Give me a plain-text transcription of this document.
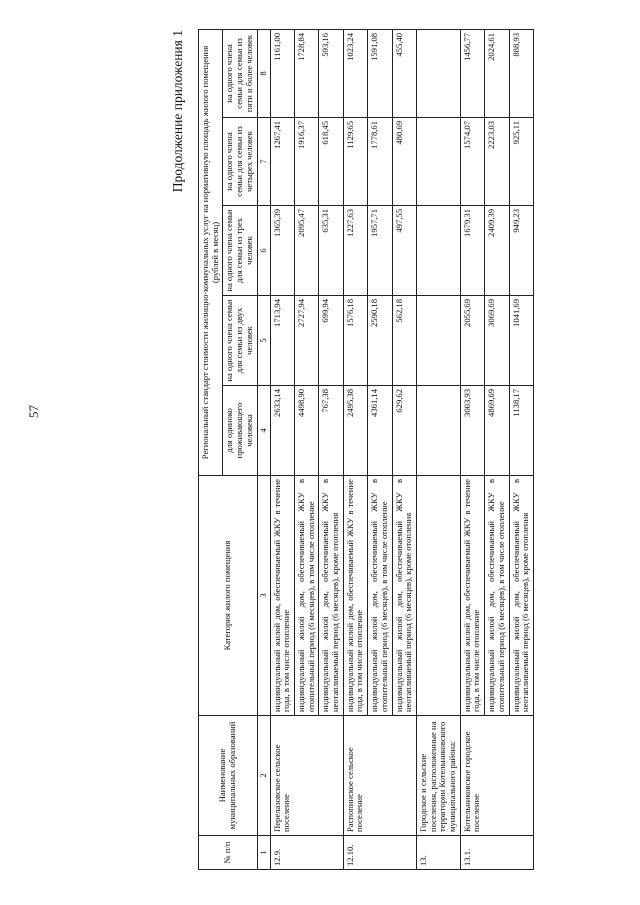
57
Продолжение приложения 1
№ п/п	Наименование муниципальных образований	Категория жилого помещения	Региональный стандарт стоимости жилищно-коммунальных услуг на нормативную площадь жилого помещения (рублей в месяц)				
			для одиноко проживающего человека	на одного члена семьи для семьи из двух человек	на одного члена семьи для семьи из трех человек	на одного члена семьи для семьи из четырех человек	на одного члена семьи для семьи из пяти и более человек
1	2	3	4	5	6	7	8
12.9.	Перелазовское сельское поселение	индивидуальный жилой дом, обеспечиваемый ЖКУ в течение года, в том числе отопление	2633,14	1713,94	1365,39	1267,41	1161,00
		индивидуальный жилой дом, обеспечиваемый ЖКУ в отопительный период (6 месяцев), в том числе отопление	4498,90	2727,94	2095,47	1916,37	1728,84
		индивидуальный жилой дом, обеспечиваемый ЖКУ в неотапливаемый период (6 месяцев), кроме отопления	767,38	699,94	635,31	618,45	593,16
12.10.	Распопинское сельское поселение	индивидуальный жилой дом, обеспечиваемый ЖКУ в течение года, в том числе отопление	2495,38	1576,18	1227,63	1129,65	1023,24
		индивидуальный жилой дом, обеспечиваемый ЖКУ в отопительный период (6 месяцев), в том числе отопление	4361,14	2590,18	1957,71	1778,61	1591,08
		индивидуальный жилой дом, обеспечиваемый ЖКУ в неотапливаемый период (6 месяцев), кроме отопления	629,62	562,18	497,55	480,69	455,40
13.	Городское и сельские поселения, расположенные на территории Котельниковского муниципального района:						
13.1.	Котельниковское городское поселение	индивидуальный жилой дом, обеспечиваемый ЖКУ в течение года, в том числе отопление	3003,93	2055,69	1679,31	1574,07	1456,77
		индивидуальный жилой дом, обеспечиваемый ЖКУ в отопительный период (6 месяцев), в том числе отопление	4869,69	3069,69	2409,39	2223,03	2024,61
		индивидуальный жилой дом, обеспечиваемый ЖКУ в неотапливаемый период (6 месяцев), кроме отопления	1138,17	1041,69	949,23	925,11	888,93
